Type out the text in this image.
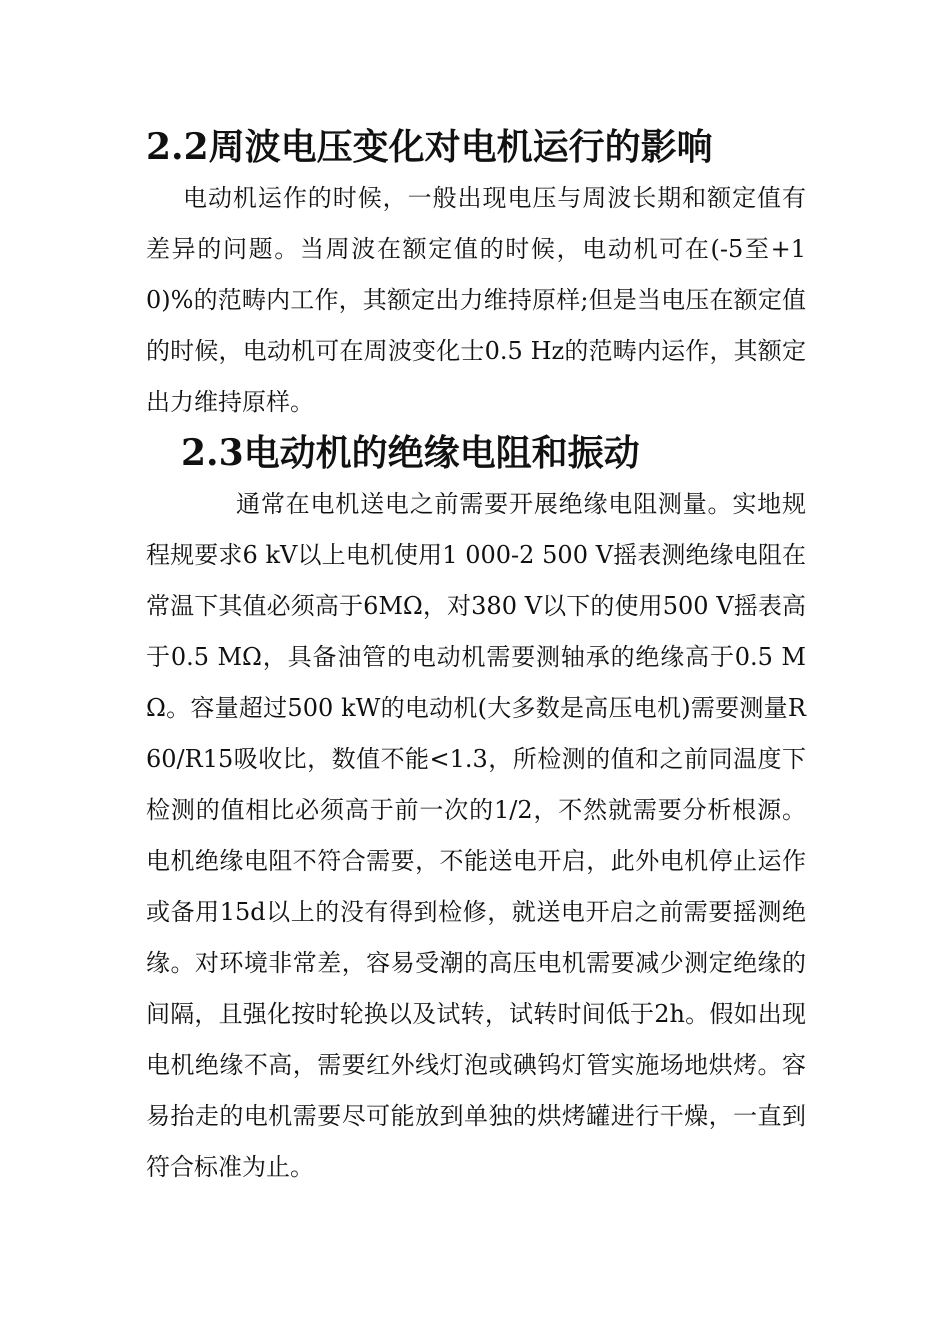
2.2周波电压变化对电机运行的影响

电动机运作的时候，一般出现电压与周波长期和额定值有差异的问题。当周波在额定值的时候，电动机可在(-5至+10)%的范畴内工作，其额定出力维持原样;但是当电压在额定值的时候，电动机可在周波变化士0.5 Hz的范畴内运作，其额定出力维持原样。

2.3电动机的绝缘电阻和振动

通常在电机送电之前需要开展绝缘电阻测量。实地规程规要求6 kV以上电机使用1 000-2 500 V摇表测绝缘电阻在常温下其值必须高于6MΩ，对380 V以下的使用500 V摇表高于0.5 MΩ，具备油管的电动机需要测轴承的绝缘高于0.5 MΩ。容量超过500 kW的电动机(大多数是高压电机)需要测量R60/R15吸收比，数值不能<1.3，所检测的值和之前同温度下检测的值相比必须高于前一次的1/2，不然就需要分析根源。电机绝缘电阻不符合需要，不能送电开启，此外电机停止运作或备用15d以上的没有得到检修，就送电开启之前需要摇测绝缘。对环境非常差，容易受潮的高压电机需要减少测定绝缘的间隔，且强化按时轮换以及试转，试转时间低于2h。假如出现电机绝缘不高，需要红外线灯泡或碘钨灯管实施场地烘烤。容易抬走的电机需要尽可能放到单独的烘烤罐进行干燥，一直到符合标准为止。
